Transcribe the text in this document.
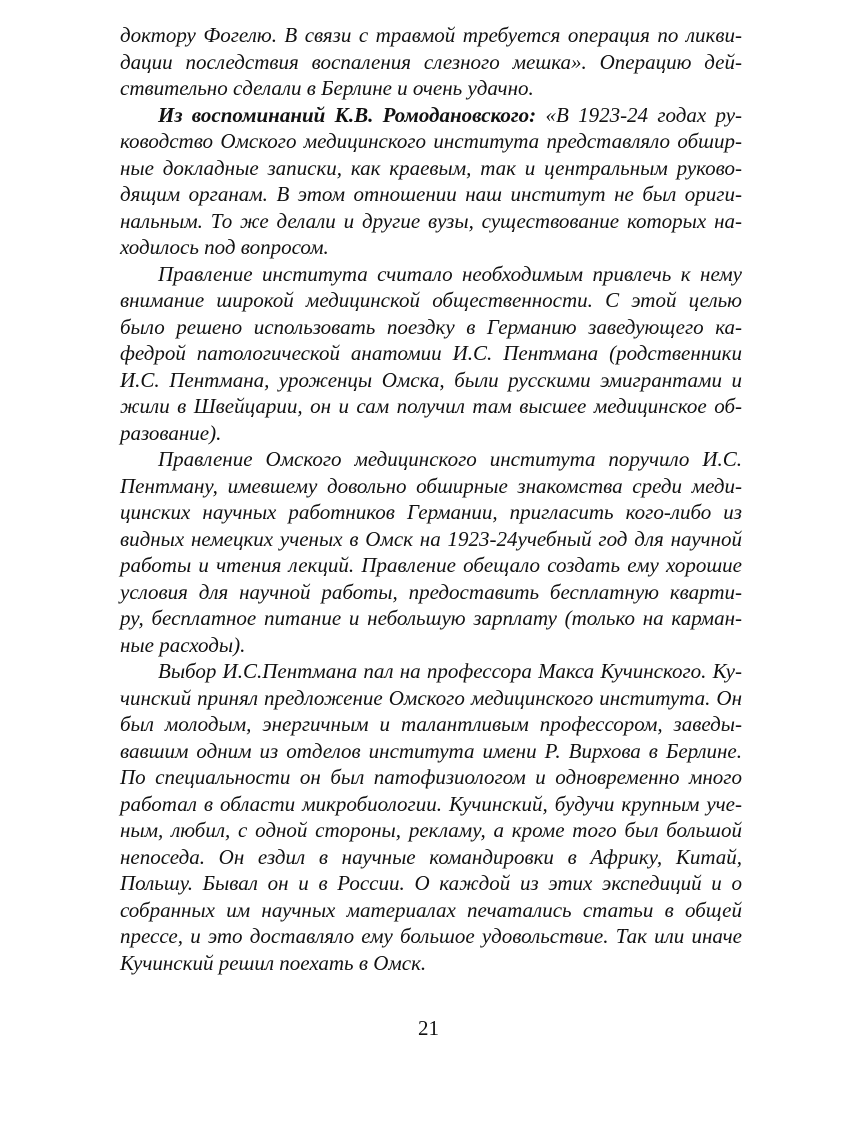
доктору Фогелю. В связи с травмой требуется операция по ликви-
дации последствия воспаления слезного мешка». Операцию дей-
ствительно сделали в Берлине и очень удачно.
Из воспоминаний К.В. Ромодановского: «В 1923-24 годах ру-
ководство Омского медицинского института представляло обшир-
ные докладные записки, как краевым, так и центральным руково-
дящим органам. В этом отношении наш институт не был ориги-
нальным. То же делали и другие вузы, существование которых на-
ходилось под вопросом.
Правление института считало необходимым привлечь к нему
внимание широкой медицинской общественности. С этой целью
было решено использовать поездку в Германию заведующего ка-
федрой патологической анатомии И.С. Пентмана (родственники
И.С. Пентмана, уроженцы Омска, были русскими эмигрантами и
жили в Швейцарии, он и сам получил там высшее медицинское об-
разование).
Правление Омского медицинского института поручило И.С.
Пентману, имевшему довольно обширные знакомства среди меди-
цинских научных работников Германии, пригласить кого-либо из
видных немецких ученых в Омск на 1923-24учебный год для научной
работы и чтения лекций. Правление обещало создать ему хорошие
условия для научной работы, предоставить бесплатную кварти-
ру, бесплатное питание и небольшую зарплату (только на карман-
ные расходы).
Выбор И.С.Пентмана пал на профессора Макса Кучинского. Ку-
чинский принял предложение Омского медицинского института. Он
был молодым, энергичным и талантливым профессором, заведы-
вавшим одним из отделов института имени Р. Вирхова в Берлине.
По специальности он был патофизиологом и одновременно много
работал в области микробиологии. Кучинский, будучи крупным уче-
ным, любил, с одной стороны, рекламу, а кроме того был большой
непоседа. Он ездил в научные командировки в Африку, Китай,
Польшу. Бывал он и в России. О каждой из этих экспедиций и о
собранных им научных материалах печатались статьи в общей
прессе, и это доставляло ему большое удовольствие. Так или иначе
Кучинский решил поехать в Омск.
21
